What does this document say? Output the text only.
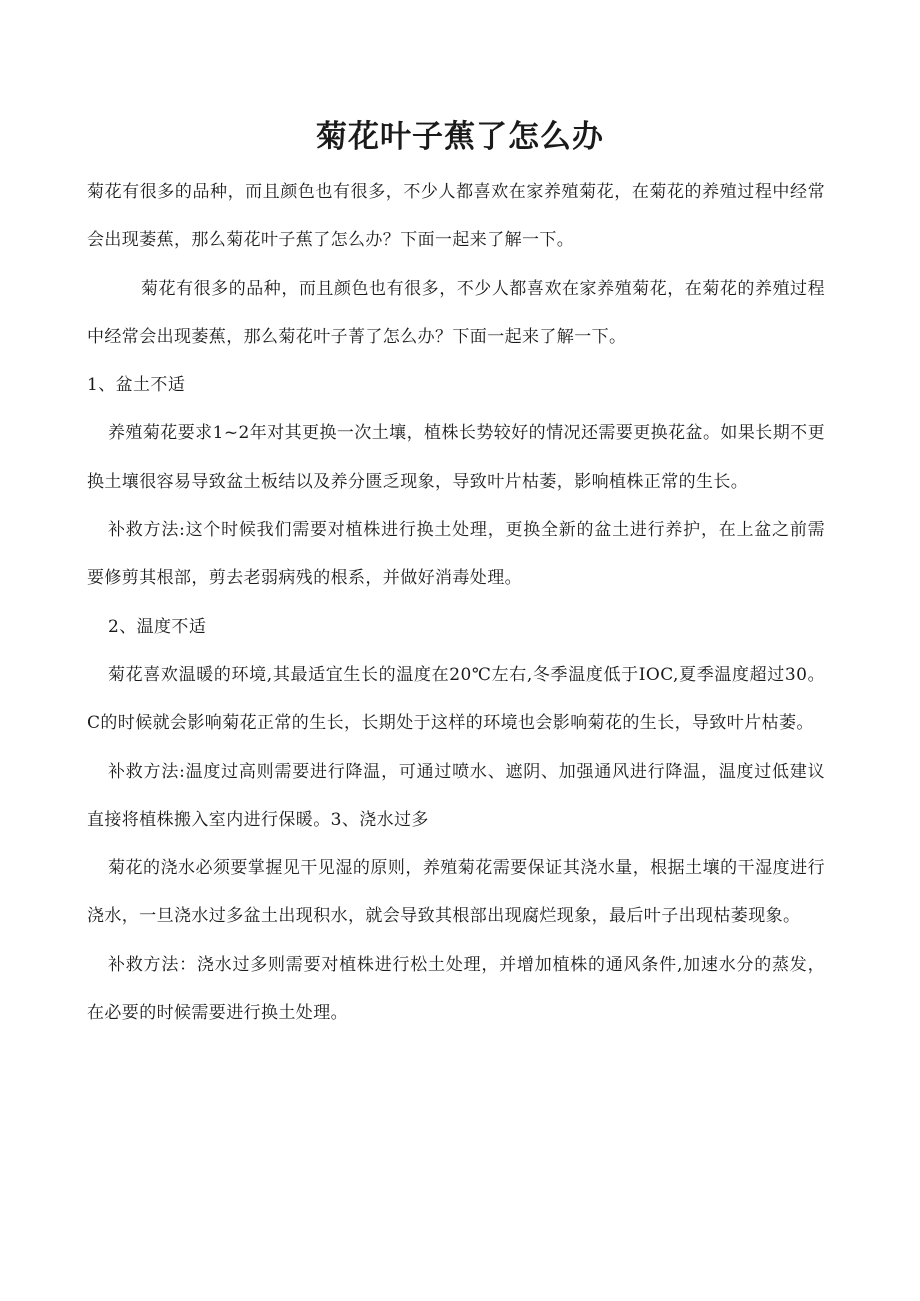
菊花叶子蕉了怎么办

菊花有很多的品种，而且颜色也有很多，不少人都喜欢在家养殖菊花，在菊花的养殖过程中经常会出现萎蕉，那么菊花叶子蕉了怎么办？下面一起来了解一下。

菊花有很多的品种，而且颜色也有很多，不少人都喜欢在家养殖菊花，在菊花的养殖过程中经常会出现萎蕉，那么菊花叶子菁了怎么办？下面一起来了解一下。

1、盆土不适

养殖菊花要求1~2年对其更换一次土壤，植株长势较好的情况还需要更换花盆。如果长期不更换土壤很容易导致盆土板结以及养分匮乏现象，导致叶片枯萎，影响植株正常的生长。

补救方法:这个时候我们需要对植株进行换土处理，更换全新的盆土进行养护，在上盆之前需要修剪其根部，剪去老弱病残的根系，并做好消毒处理。

2、温度不适

菊花喜欢温暖的环境,其最适宜生长的温度在20℃左右,冬季温度低于IOC,夏季温度超过30。C的时候就会影响菊花正常的生长，长期处于这样的环境也会影响菊花的生长，导致叶片枯萎。

补救方法:温度过高则需要进行降温，可通过喷水、遮阴、加强通风进行降温，温度过低建议直接将植株搬入室内进行保暖。3、浇水过多

菊花的浇水必须要掌握见干见湿的原则，养殖菊花需要保证其浇水量，根据土壤的干湿度进行浇水，一旦浇水过多盆土出现积水，就会导致其根部出现腐烂现象，最后叶子出现枯萎现象。

补救方法：浇水过多则需要对植株进行松土处理，并增加植株的通风条件,加速水分的蒸发，在必要的时候需要进行换土处理。
